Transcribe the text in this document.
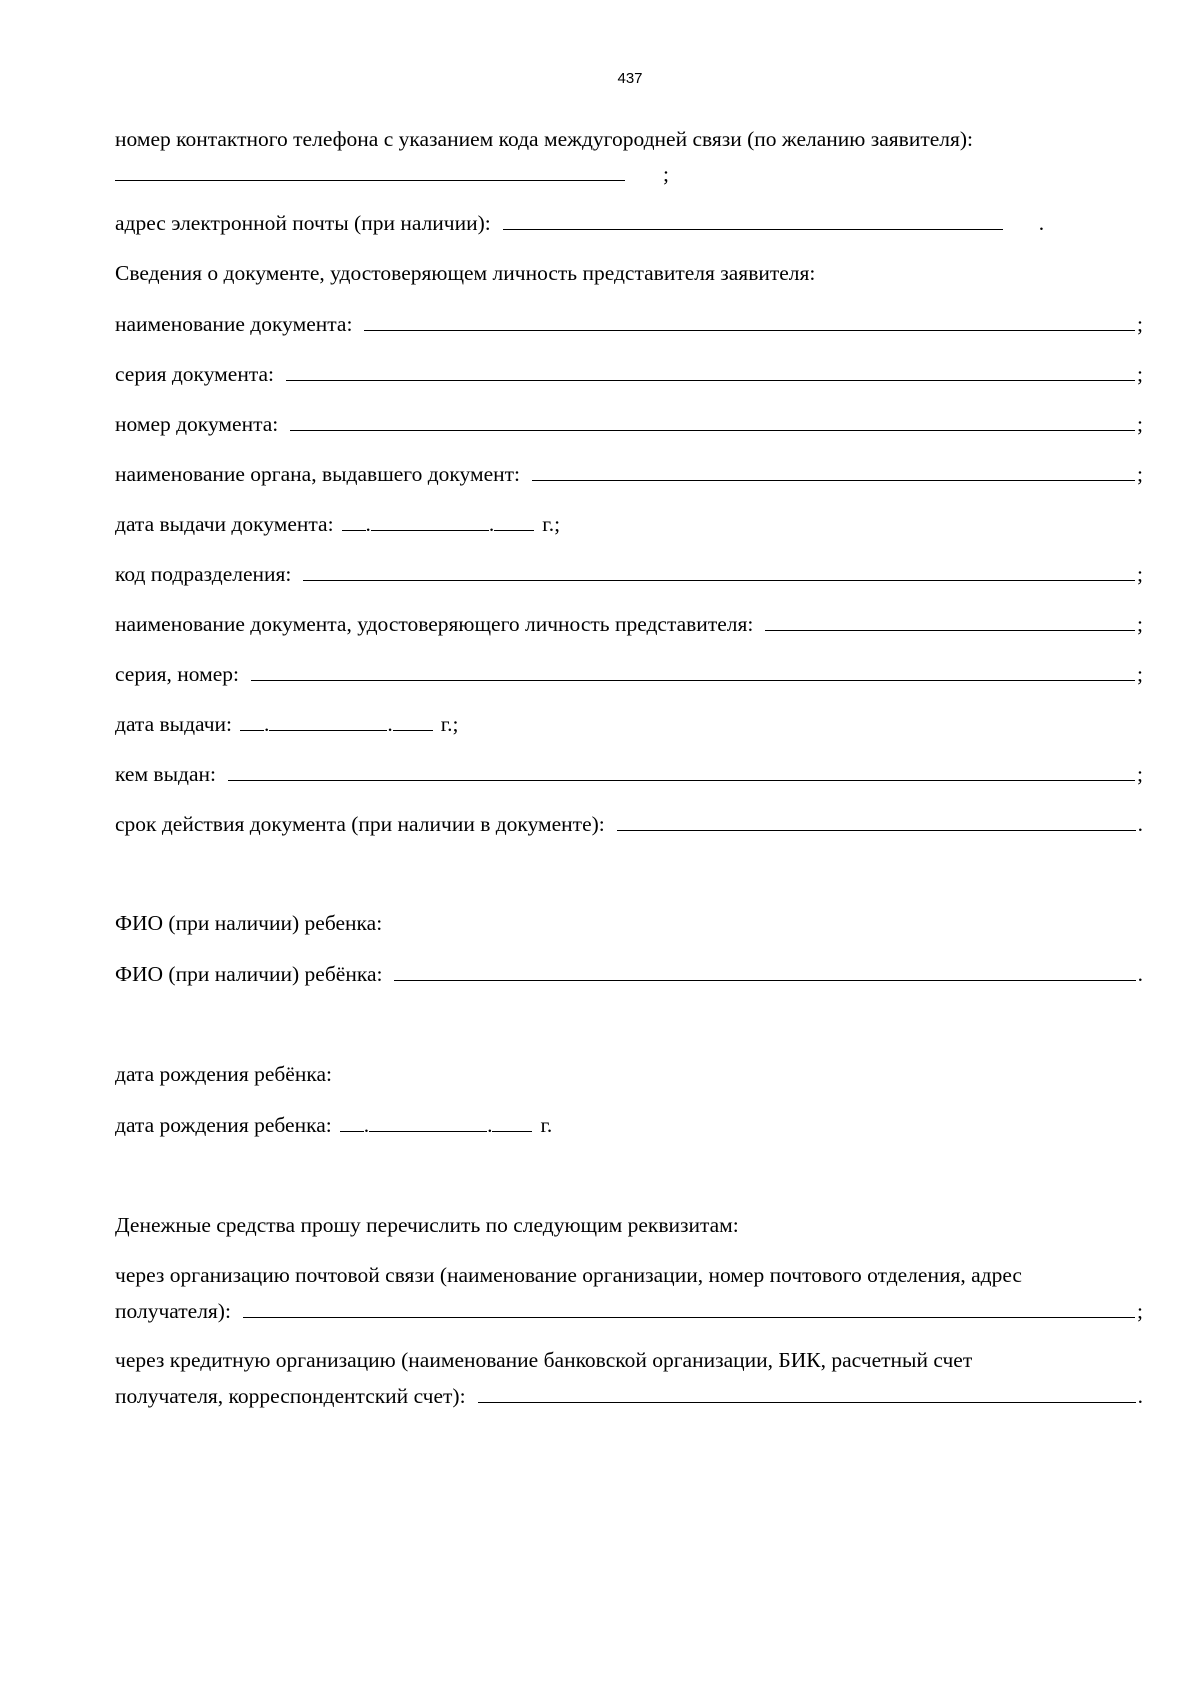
437
номер контактного телефона с указанием кода междугородней связи (по желанию заявителя):
;
адрес электронной почты (при наличии):	.
Сведения о документе, удостоверяющем личность представителя заявителя:
наименование документа:	;
серия документа:	;
номер документа:	;
наименование органа, выдавшего документ:	;
дата выдачи документа: .	. г.;
код подразделения:	;
наименование документа, удостоверяющего личность представителя:	;
серия, номер:	;
дата выдачи: .	. г.;
кем выдан:	;
срок действия документа (при наличии в документе):	.
ФИО (при наличии) ребенка:
ФИО (при наличии) ребёнка:	.
дата рождения ребёнка:
дата рождения ребенка: .	. г.
Денежные средства прошу перечислить по следующим реквизитам:
через организацию почтовой связи (наименование организации, номер почтового отделения, адрес
получателя):	;
через кредитную организацию (наименование банковской организации, БИК, расчетный счет
получателя, корреспондентский счет):	.
